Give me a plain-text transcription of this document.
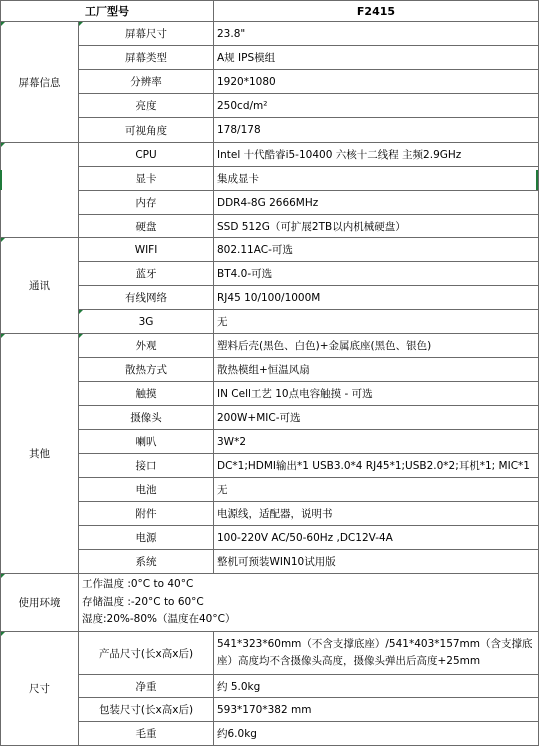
工厂型号		F2415
屏幕信息	屏幕尺寸	23.8"
	屏幕类型	A规 IPS模组
	分辨率	1920*1080
	亮度	250cd/m²
	可视角度	178/178
	CPU	Intel 十代酷睿i5-10400 六核十二线程 主频2.9GHz
	显卡	集成显卡
	内存	DDR4-8G 2666MHz
	硬盘	SSD 512G（可扩展2TB以内机械硬盘）
通讯	WIFI	802.11AC-可选
	蓝牙	BT4.0-可选
	有线网络	RJ45 10/100/1000M
	3G	无
其他	外观	塑料后壳(黑色、白色)+金属底座(黑色、银色)
	散热方式	散热模组+恒温风扇
	触摸	IN Cell工艺 10点电容触摸 - 可选
	摄像头	200W+MIC-可选
	喇叭	3W*2
	接口	DC*1;HDMI输出*1 USB3.0*4 RJ45*1;USB2.0*2;耳机*1; MIC*1
	电池	无
	附件	电源线，适配器，说明书
	电源	100-220V AC/50-60Hz ,DC12V-4A
	系统	整机可预装WIN10试用版
使用环境	工作温度 :0°C to 40°C
存储温度 :-20°C to 60°C
湿度:20%-80%（温度在40°C）	

尺寸	产品尺寸(长x高x后)	541*323*60mm（不含支撑底座）/541*403*157mm（含支撑底座）高度均不含摄像头高度，摄像头弹出后高度+25mm
	净重	约 5.0kg
	包装尺寸(长x高x后)	593*170*382 mm
	毛重	约6.0kg
